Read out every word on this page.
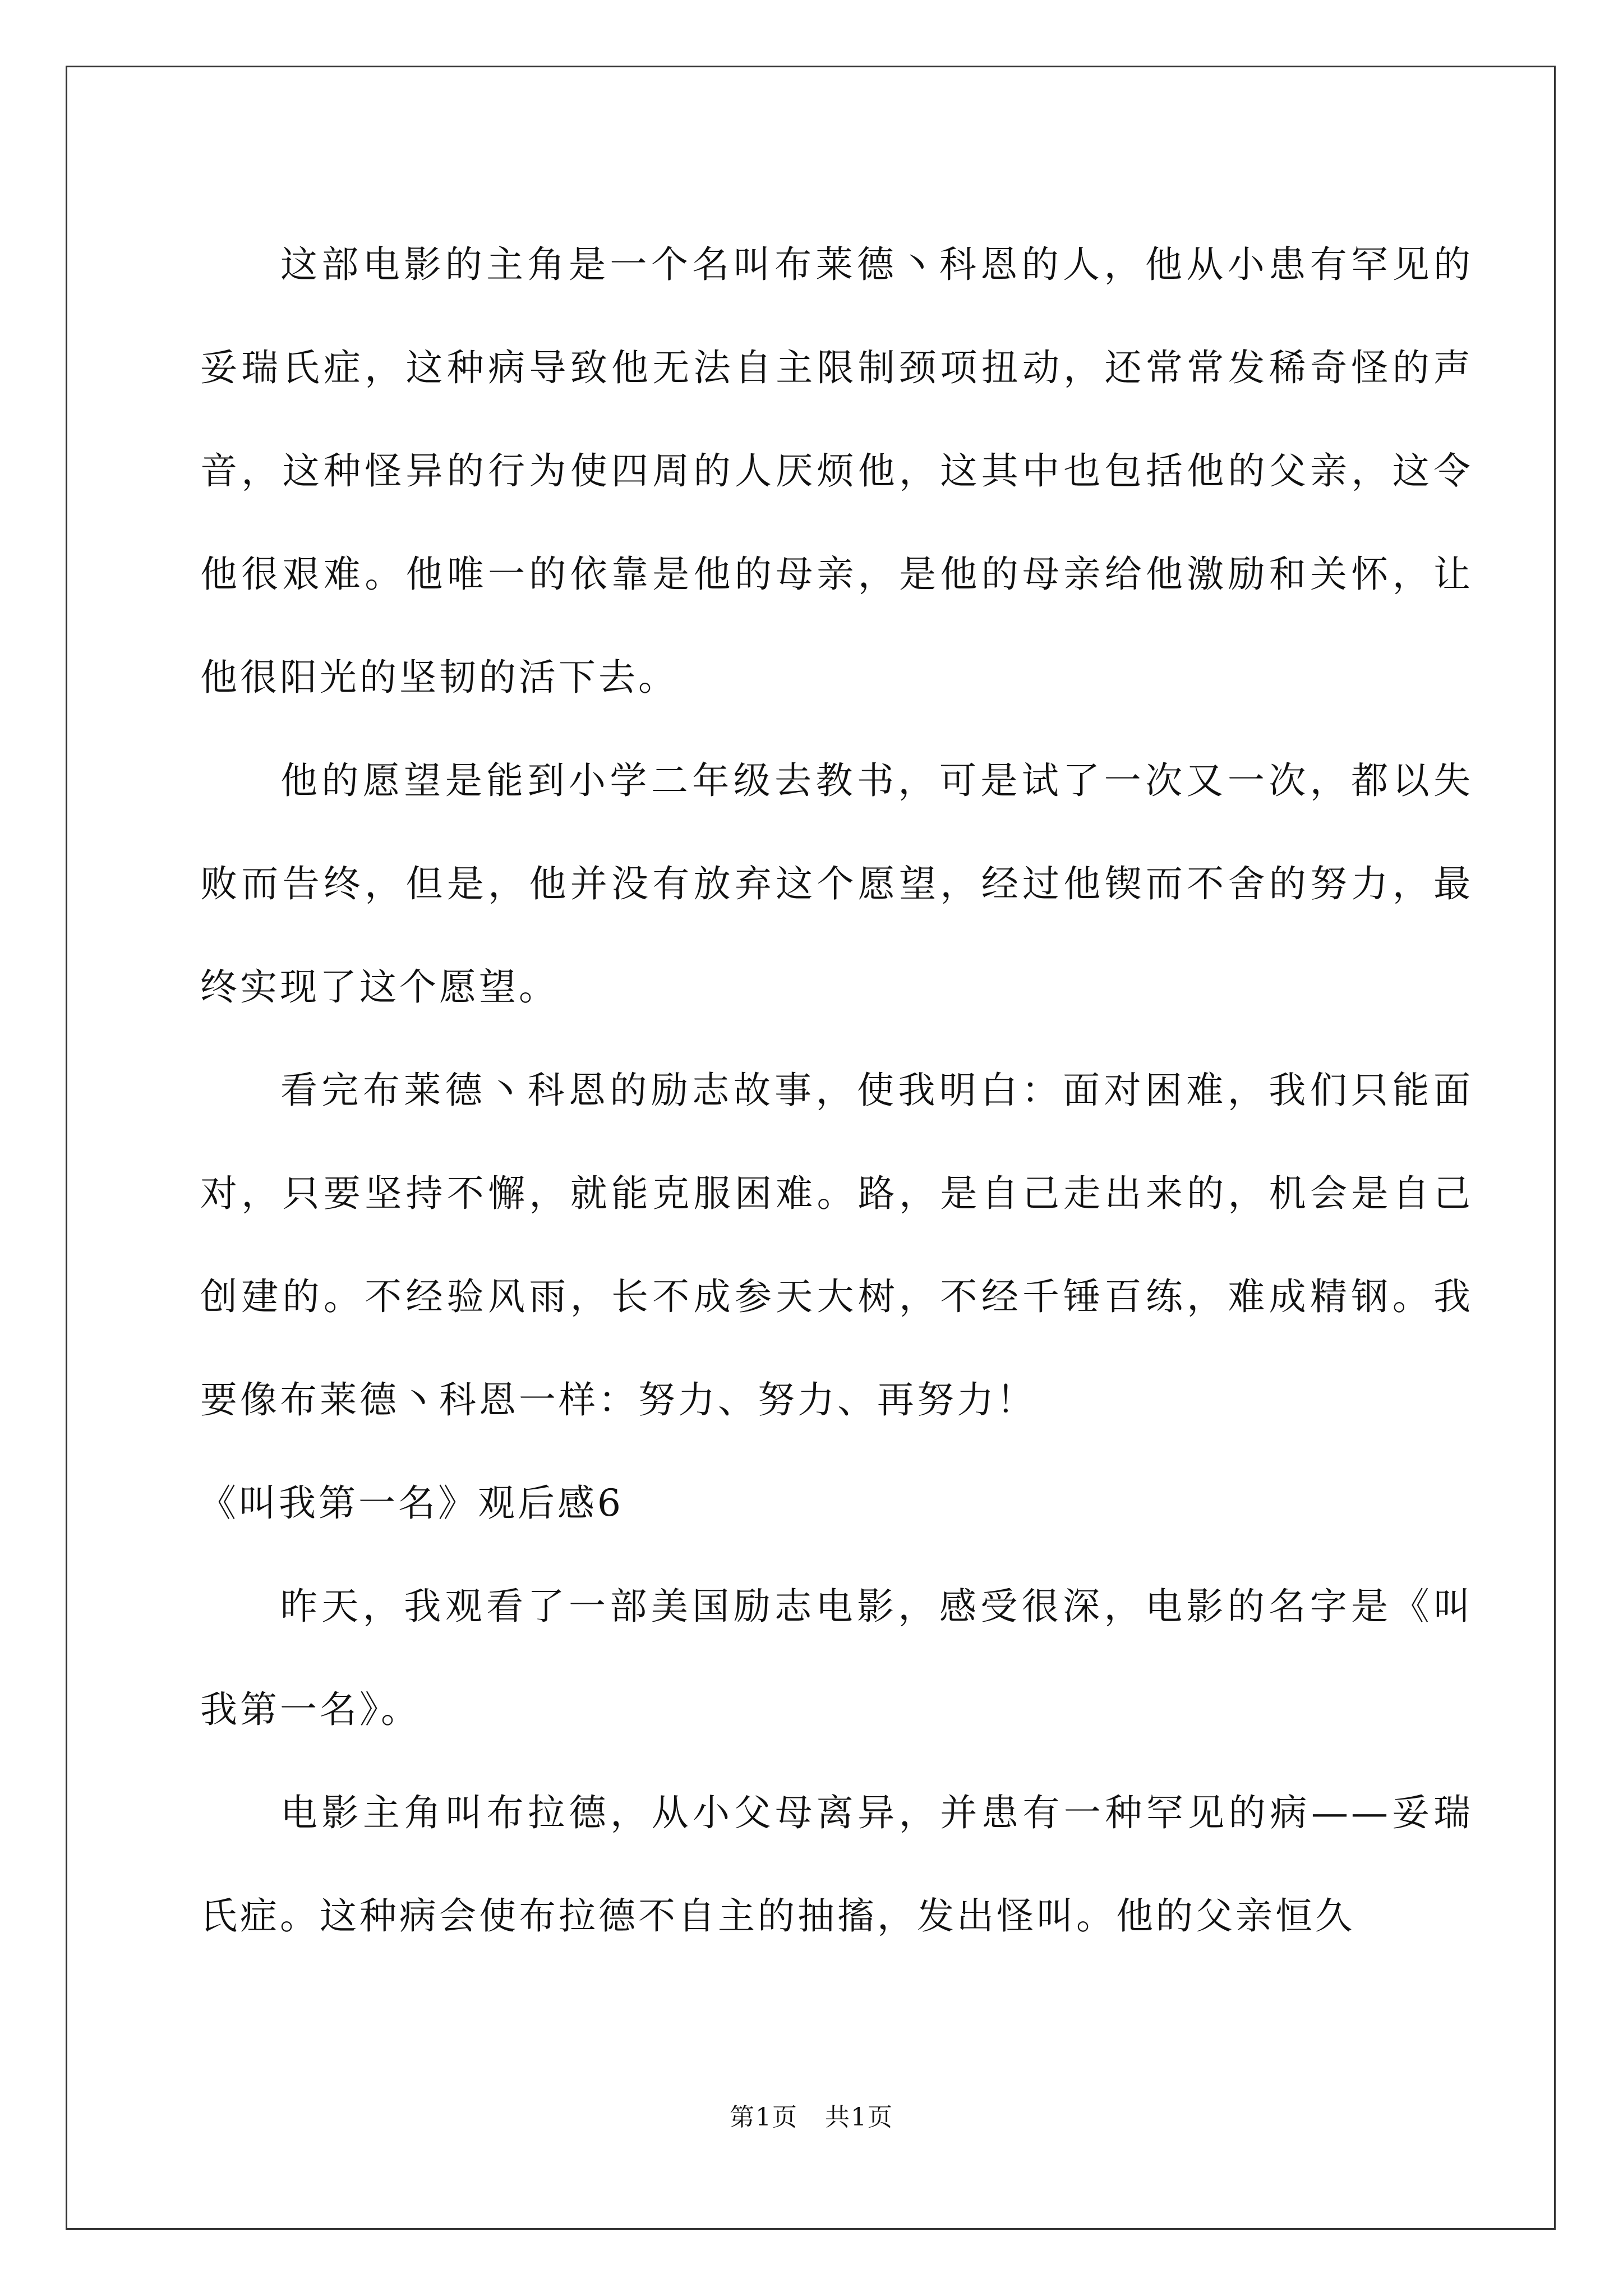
这部电影的主角是一个名叫布莱德丶科恩的人，他从小患有罕见的妥瑞氏症，这种病导致他无法自主限制颈项扭动，还常常发稀奇怪的声音，这种怪异的行为使四周的人厌烦他，这其中也包括他的父亲，这令他很艰难。他唯一的依靠是他的母亲，是他的母亲给他激励和关怀，让他很阳光的坚韧的活下去。

他的愿望是能到小学二年级去教书，可是试了一次又一次，都以失败而告终，但是，他并没有放弃这个愿望，经过他锲而不舍的努力，最终实现了这个愿望。

看完布莱德丶科恩的励志故事，使我明白：面对困难，我们只能面对，只要坚持不懈，就能克服困难。路，是自己走出来的，机会是自己创建的。不经验风雨，长不成参天大树，不经千锤百练，难成精钢。我要像布莱德丶科恩一样：努力、努力、再努力！

《叫我第一名》观后感6

昨天，我观看了一部美国励志电影，感受很深，电影的名字是《叫我第一名》。

电影主角叫布拉德，从小父母离异，并患有一种罕见的病——妥瑞氏症。这种病会使布拉德不自主的抽搐，发出怪叫。他的父亲恒久

第1页 共1页
